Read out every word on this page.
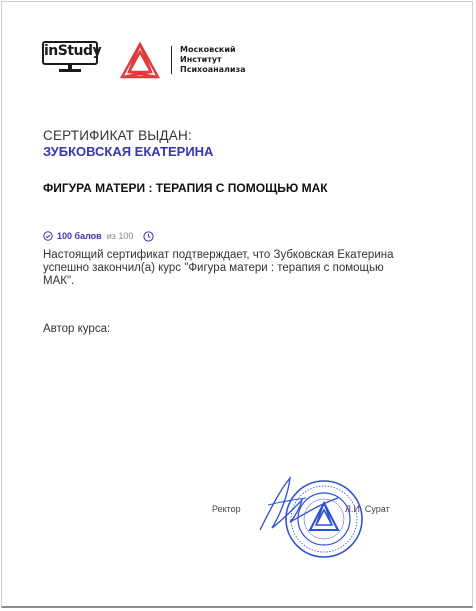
inStudy	Московский
Институт
Психоанализа
СЕРТИФИКАТ ВЫДАН:
ЗУБКОВСКАЯ ЕКАТЕРИНА
ФИГУРА МАТЕРИ : ТЕРАПИЯ С ПОМОЩЬЮ МАК
100 балов из 100
Настоящий сертификат подтверждает, что Зубковская Екатерина успешно закончил(а) курс "Фигура матери : терапия с помощью МАК".
Автор курса:
Ректор	Л.И. Сурат
